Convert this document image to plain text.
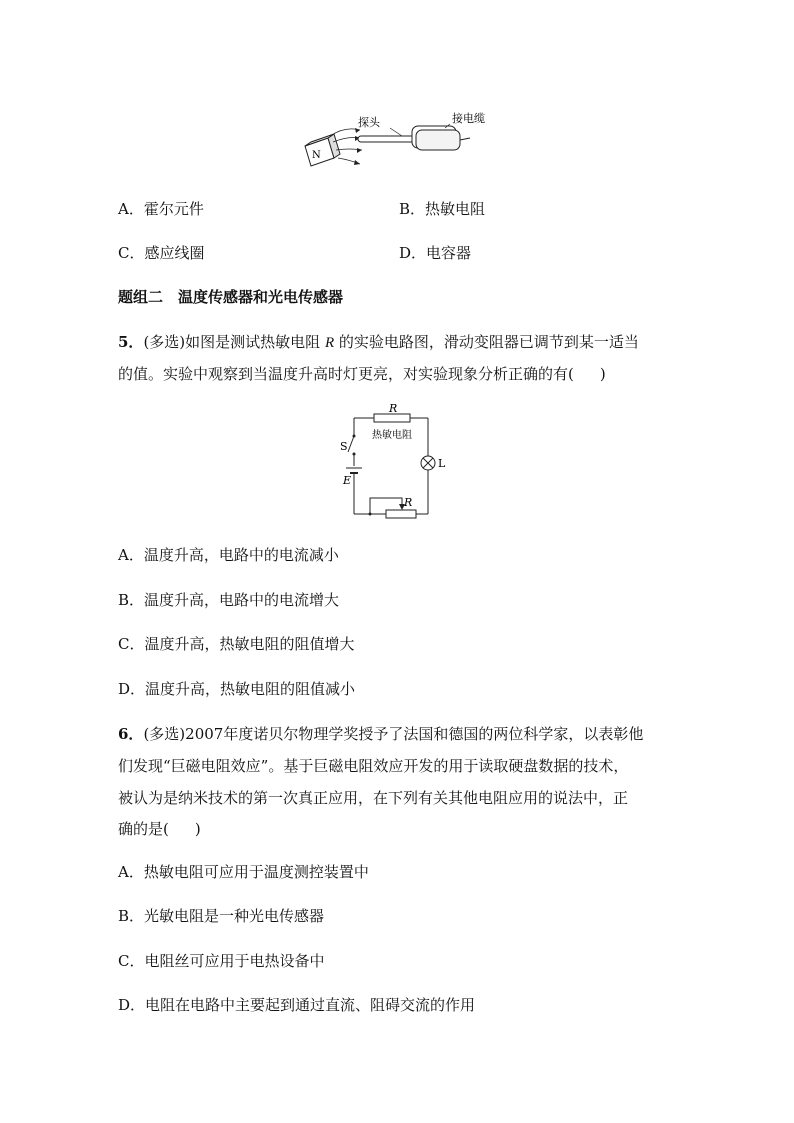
N
探头	接电缆
A．霍尔元件	B．热敏电阻
C．感应线圈	D．电容器
题组二　温度传感器和光电传感器
5．(多选)如图是测试热敏电阻 R 的实验电路图，滑动变阻器已调节到某一适当
的值。实验中观察到当温度升高时灯更亮，对实验现象分析正确的有( )
R
热敏电阻
S
E
L
R
A．温度升高，电路中的电流减小
B．温度升高，电路中的电流增大
C．温度升高，热敏电阻的阻值增大
D．温度升高，热敏电阻的阻值减小
6．(多选)2007年度诺贝尔物理学奖授予了法国和德国的两位科学家，以表彰他
们发现“巨磁电阻效应”。基于巨磁电阻效应开发的用于读取硬盘数据的技术，
被认为是纳米技术的第一次真正应用，在下列有关其他电阻应用的说法中，正
确的是( )
A．热敏电阻可应用于温度测控装置中
B．光敏电阻是一种光电传感器
C．电阻丝可应用于电热设备中
D．电阻在电路中主要起到通过直流、阻碍交流的作用
